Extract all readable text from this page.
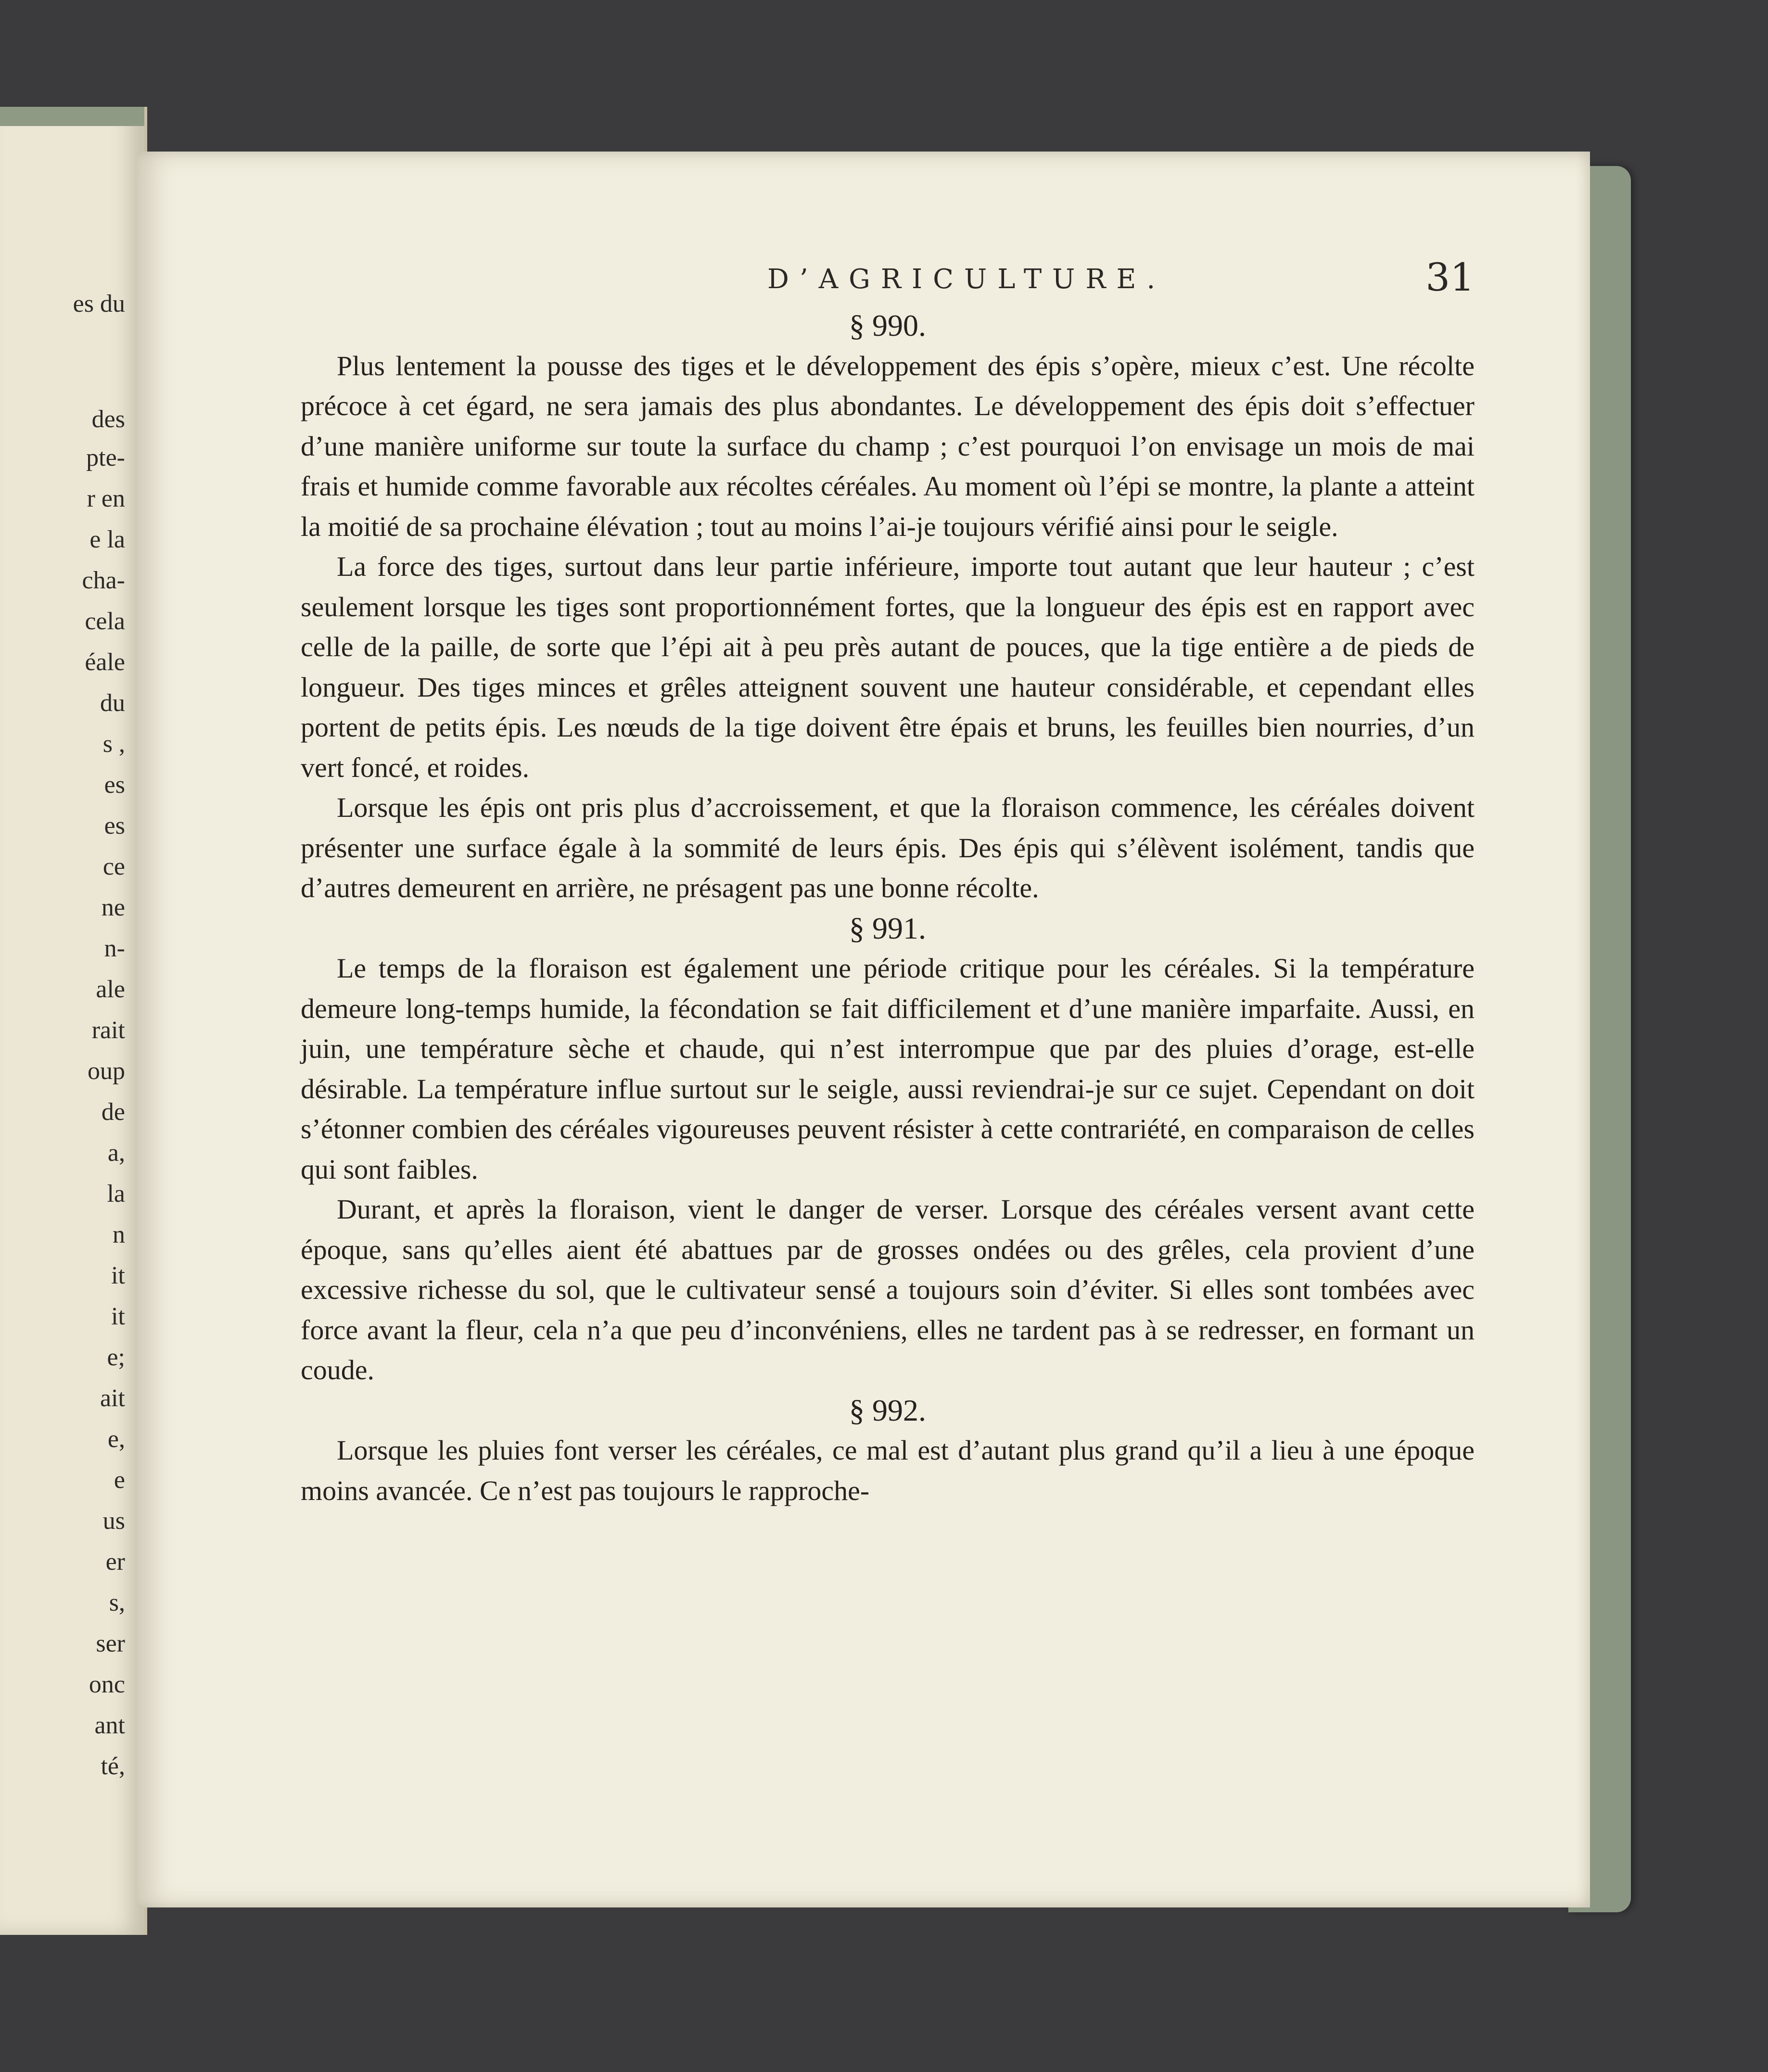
es du

des

pte-

r en

e la

cha-

cela

éale

du

s ,

es

es

ce

ne

n-

ale

rait

oup

de

a,

la

n

it

it

e;

ait

e,

e

us

er

s,

ser

onc

ant

té,

D’AGRICULTURE.	31

§ 990.

Plus lentement la pousse des tiges et le développement des épis s’opère, mieux c’est. Une récolte précoce à cet égard, ne sera jamais des plus abondantes. Le développement des épis doit s’effectuer d’une manière uniforme sur toute la surface du champ ; c’est pourquoi l’on envisage un mois de mai frais et humide comme favorable aux récoltes céréales. Au moment où l’épi se montre, la plante a atteint la moitié de sa prochaine élévation ; tout au moins l’ai-je toujours vérifié ainsi pour le seigle.

La force des tiges, surtout dans leur partie inférieure, importe tout autant que leur hauteur ; c’est seulement lorsque les tiges sont proportionnément fortes, que la longueur des épis est en rapport avec celle de la paille, de sorte que l’épi ait à peu près autant de pouces, que la tige entière a de pieds de longueur. Des tiges minces et grêles atteignent souvent une hauteur considérable, et cependant elles portent de petits épis. Les nœuds de la tige doivent être épais et bruns, les feuilles bien nourries, d’un vert foncé, et roides.

Lorsque les épis ont pris plus d’accroissement, et que la floraison commence, les céréales doivent présenter une surface égale à la sommité de leurs épis. Des épis qui s’élèvent isolément, tandis que d’autres demeurent en arrière, ne présagent pas une bonne récolte.

§ 991.

Le temps de la floraison est également une période critique pour les céréales. Si la température demeure long-temps humide, la fécondation se fait difficilement et d’une manière imparfaite. Aussi, en juin, une température sèche et chaude, qui n’est interrompue que par des pluies d’orage, est-elle désirable. La température influe surtout sur le seigle, aussi reviendrai-je sur ce sujet. Cependant on doit s’étonner combien des céréales vigoureuses peuvent résister à cette contrariété, en comparaison de celles qui sont faibles.

Durant, et après la floraison, vient le danger de verser. Lorsque des céréales versent avant cette époque, sans qu’elles aient été abattues par de grosses ondées ou des grêles, cela provient d’une excessive richesse du sol, que le cultivateur sensé a toujours soin d’éviter. Si elles sont tombées avec force avant la fleur, cela n’a que peu d’inconvéniens, elles ne tardent pas à se redresser, en formant un coude.

§ 992.

Lorsque les pluies font verser les céréales, ce mal est d’autant plus grand qu’il a lieu à une époque moins avancée. Ce n’est pas toujours le rapproche-
